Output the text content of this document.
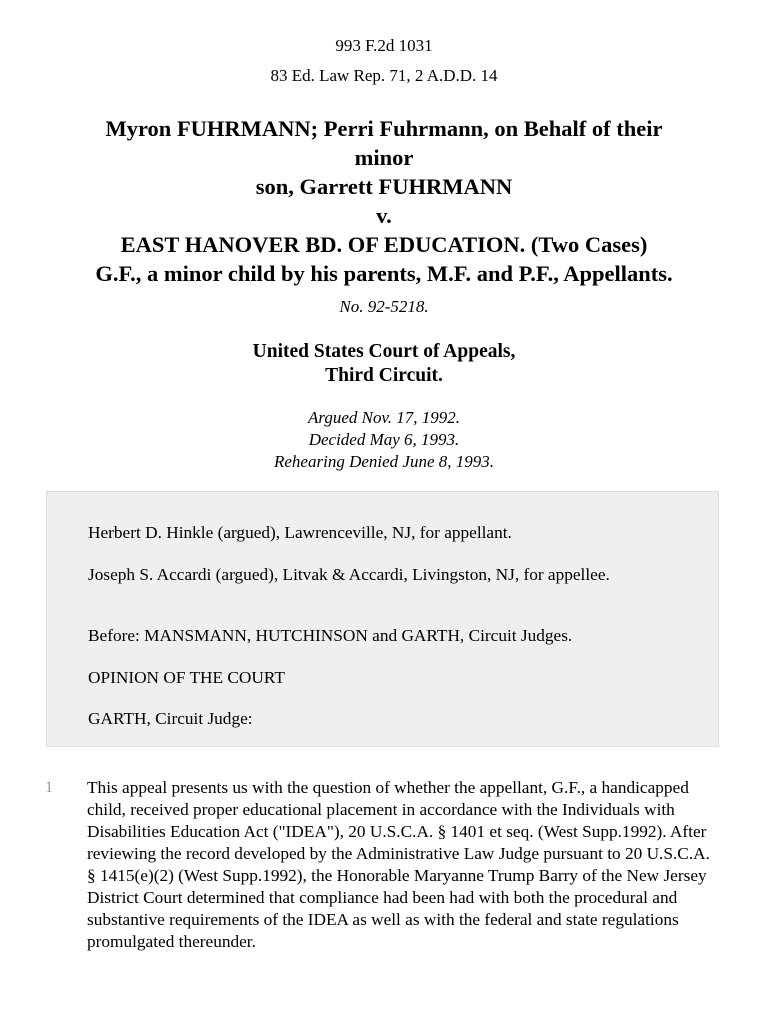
993 F.2d 1031
83 Ed. Law Rep. 71, 2 A.D.D. 14
Myron FUHRMANN; Perri Fuhrmann, on Behalf of their
minor
son, Garrett FUHRMANN
v.
EAST HANOVER BD. OF EDUCATION. (Two Cases)
G.F., a minor child by his parents, M.F. and P.F., Appellants.
No. 92-5218.
United States Court of Appeals,
Third Circuit.
Argued Nov. 17, 1992.
Decided May 6, 1993.
Rehearing Denied June 8, 1993.
Herbert D. Hinkle (argued), Lawrenceville, NJ, for appellant.
Joseph S. Accardi (argued), Litvak & Accardi, Livingston, NJ, for appellee.
Before: MANSMANN, HUTCHINSON and GARTH, Circuit Judges.
OPINION OF THE COURT
GARTH, Circuit Judge:
1 This appeal presents us with the question of whether the appellant, G.F., a handicapped child, received proper educational placement in accordance with the Individuals with Disabilities Education Act ("IDEA"), 20 U.S.C.A. § 1401 et seq. (West Supp.1992). After reviewing the record developed by the Administrative Law Judge pursuant to 20 U.S.C.A. § 1415(e)(2) (West Supp.1992), the Honorable Maryanne Trump Barry of the New Jersey District Court determined that compliance had been had with both the procedural and substantive requirements of the IDEA as well as with the federal and state regulations promulgated thereunder.
